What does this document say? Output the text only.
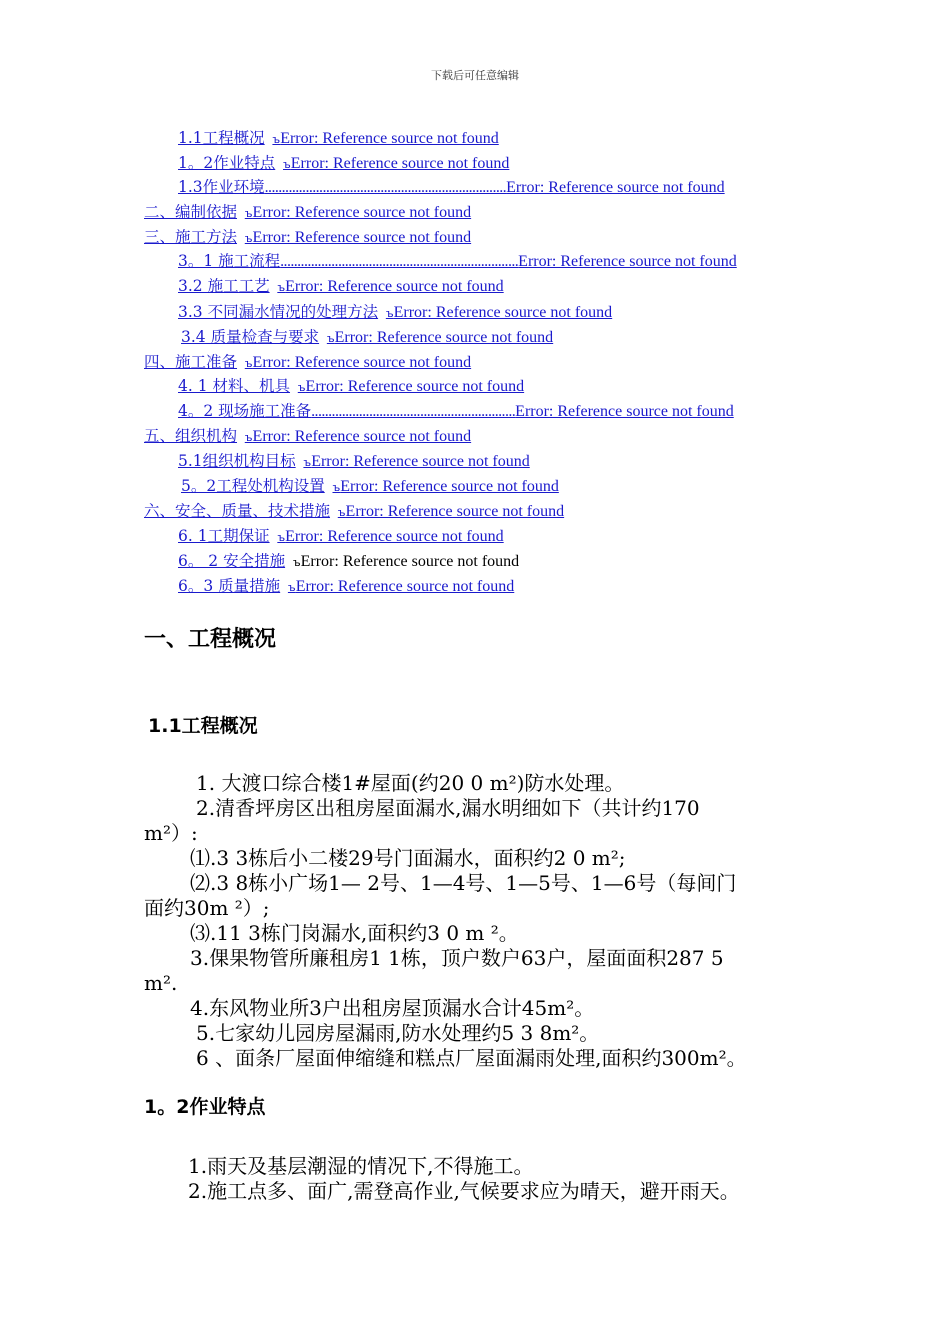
下载后可任意编辑
1.1工程概况  ъError: Reference source not found
1。2作业特点  ъError: Reference source not found
1.3作业环境.......................................................................Error: Reference source not found
二、编制依据  ъError: Reference source not found
三、施工方法  ъError: Reference source not found
3。1 施工流程......................................................................Error: Reference source not found
3.2 施工工艺  ъError: Reference source not found
3.3 不同漏水情况的处理方法  ъError: Reference source not found
3.4 质量检查与要求  ъError: Reference source not found
四、施工准备  ъError: Reference source not found
4. 1 材料、机具  ъError: Reference source not found
4。2 现场施工准备............................................................Error: Reference source not found
五、组织机构  ъError: Reference source not found
5.1组织机构目标  ъError: Reference source not found
5。2工程处机构设置  ъError: Reference source not found
六、安全、质量、技术措施  ъError: Reference source not found
6. 1工期保证  ъError: Reference source not found
6。 2 安全措施  ъError: Reference source not found
6。3 质量措施  ъError: Reference source not found
一、工程概况
1.1工程概况
1. 大渡口综合楼1#屋面(约20 0 m²)防水处理。
2.清香坪房区出租房屋面漏水,漏水明细如下（共计约170
m²）:
⑴.3 3栋后小二楼29号门面漏水，面积约2 0 m²;
⑵.3 8栋小广场1— 2号、1—4号、1—5号、1—6号（每间门
面约30m ²）;
⑶.11 3栋门岗漏水,面积约3 0 m ²。
3.倮果物管所廉租房1 1栋，顶户数户63户，屋面面积287 5
m².
4.东风物业所3户出租房屋顶漏水合计45m²。
5.七家幼儿园房屋漏雨,防水处理约5 3 8m²。
6 、面条厂屋面伸缩缝和糕点厂屋面漏雨处理,面积约300m²。
1。2作业特点
1.雨天及基层潮湿的情况下,不得施工。
2.施工点多、面广,需登高作业,气候要求应为晴天，避开雨天。
